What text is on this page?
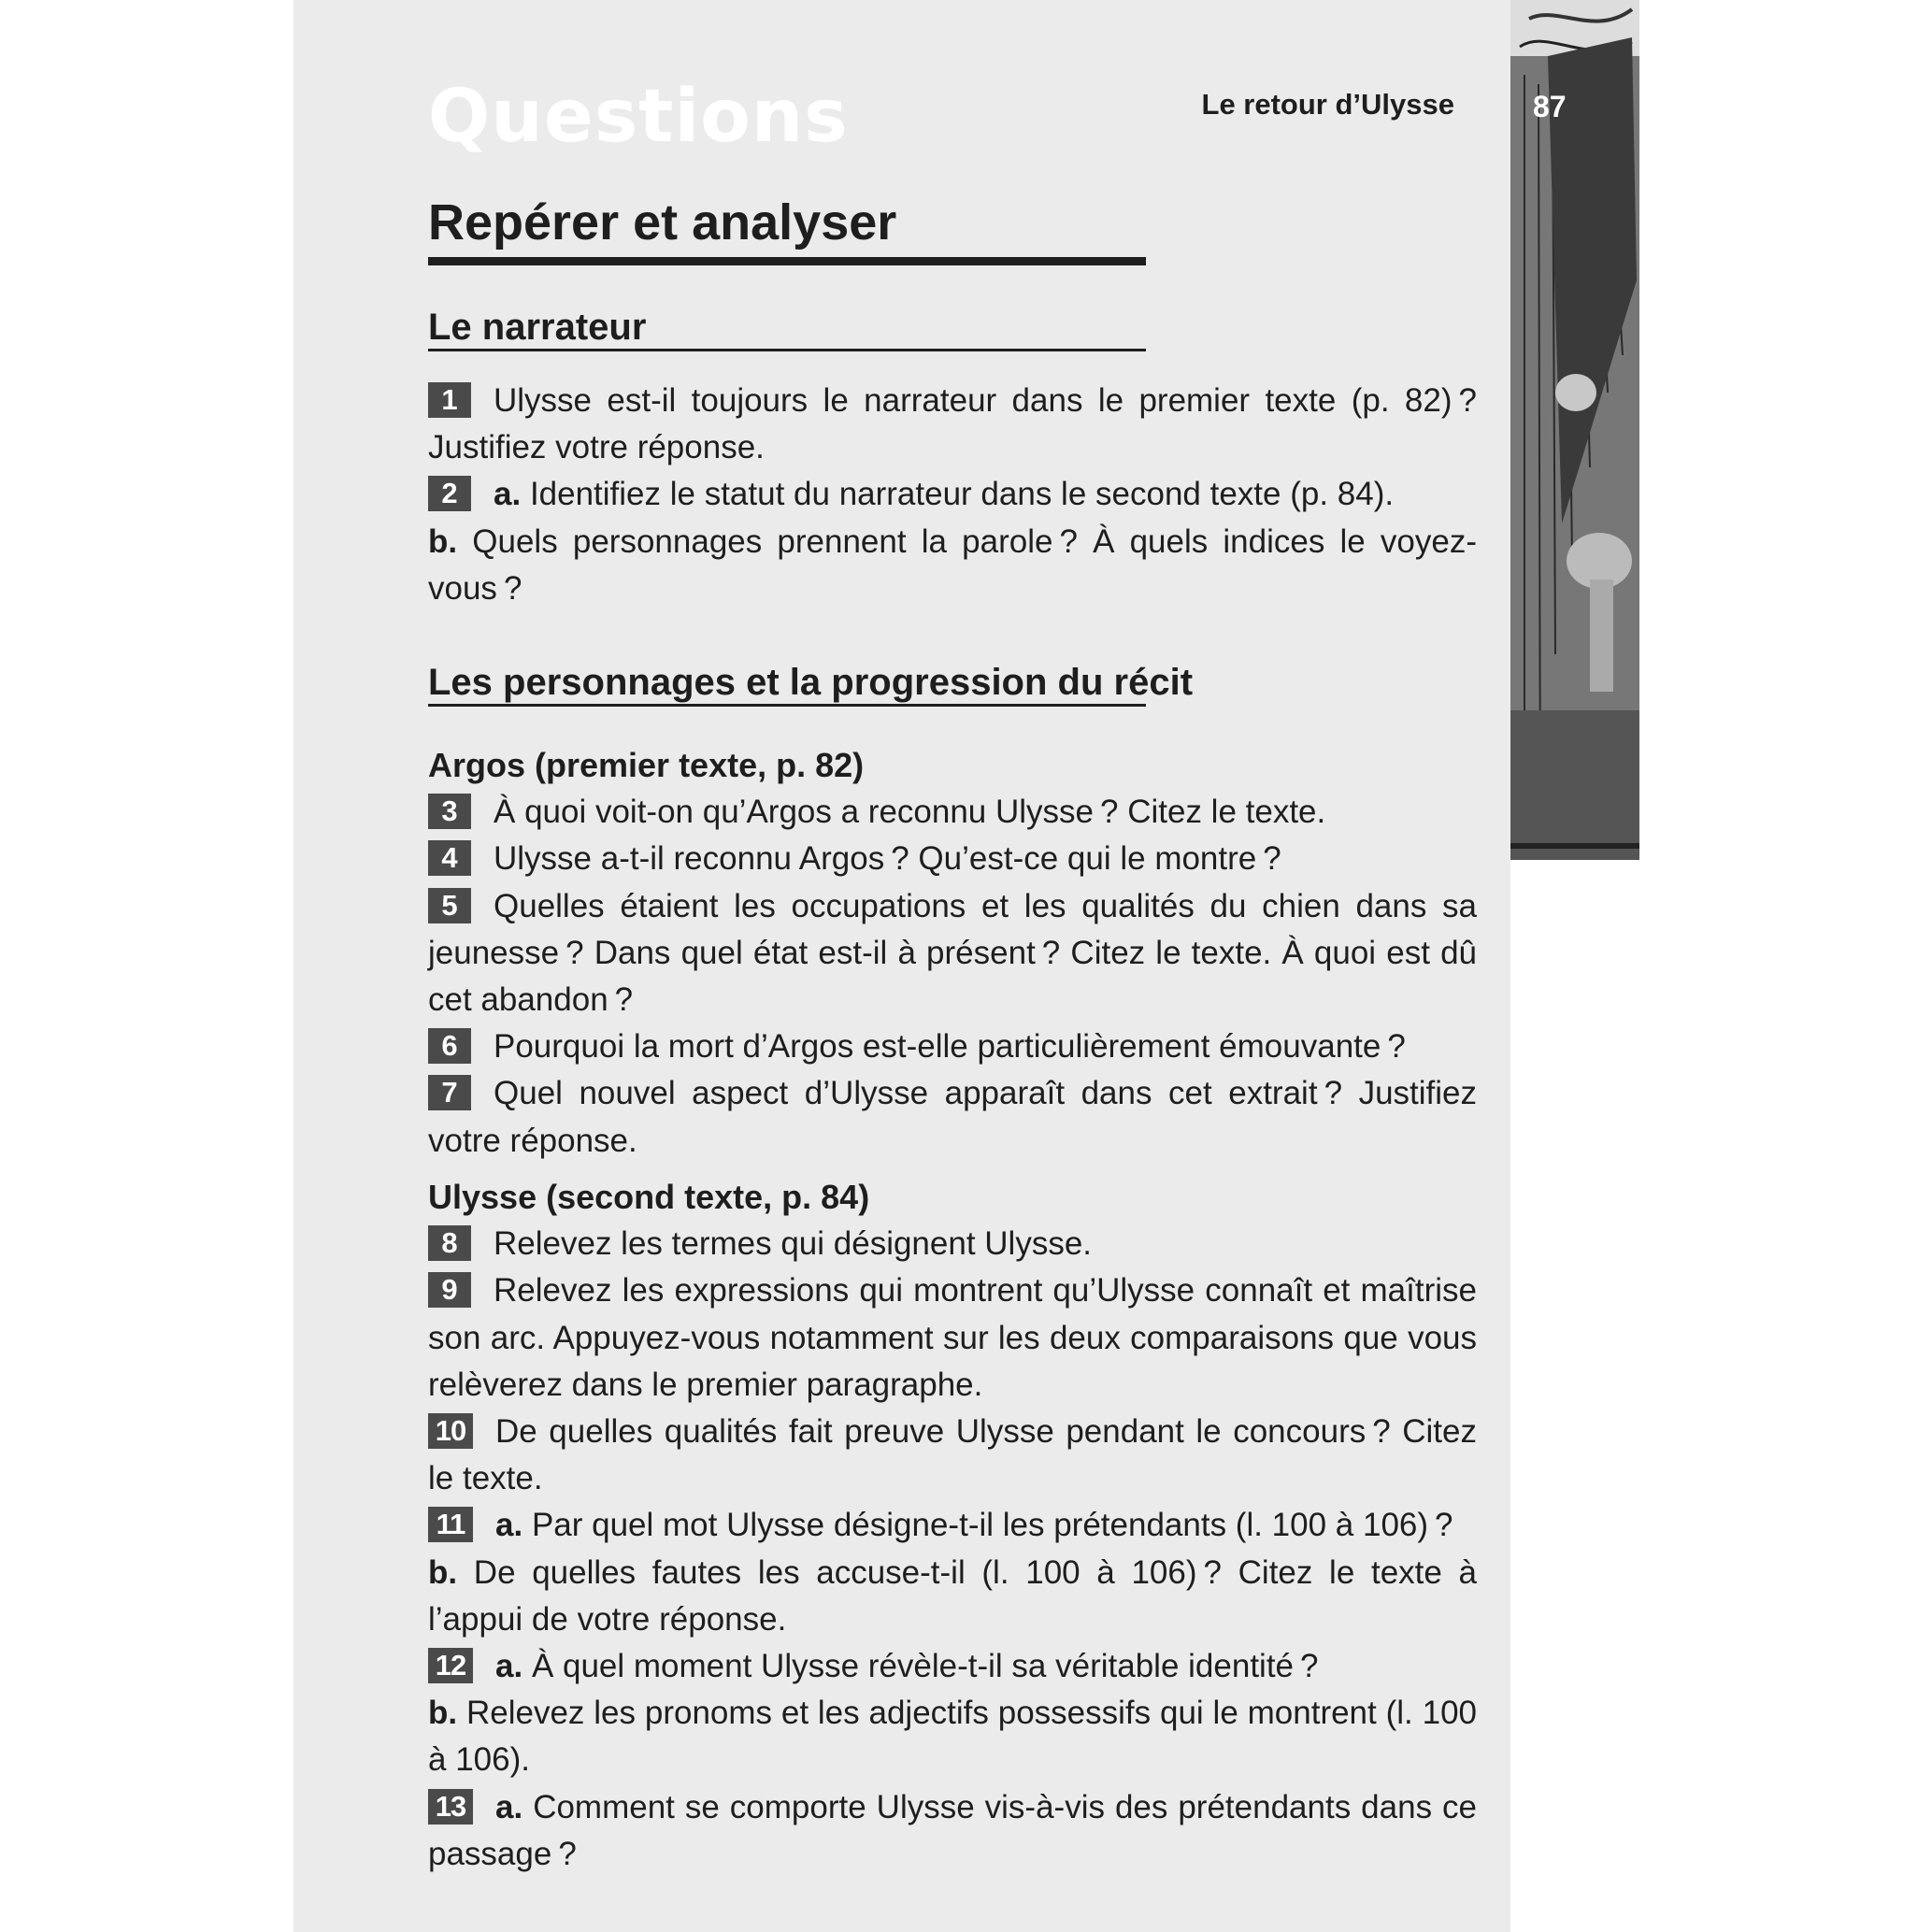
87
Questions	Le retour d’Ulysse
Repérer et analyser
Le narrateur

1 Ulysse est-il toujours le narrateur dans le premier texte (p. 82) ? Justifiez votre réponse.

2 a. Identifiez le statut du narrateur dans le second texte (p. 84).
b. Quels personnages prennent la parole ? À quels indices le voyez-vous ?

Les personnages et la progression du récit

Argos (premier texte, p. 82)

3 À quoi voit-on qu’Argos a reconnu Ulysse ? Citez le texte.

4 Ulysse a-t-il reconnu Argos ? Qu’est-ce qui le montre ?

5 Quelles étaient les occupations et les qualités du chien dans sa jeunesse ? Dans quel état est-il à présent ? Citez le texte. À quoi est dû cet abandon ?

6 Pourquoi la mort d’Argos est-elle particulièrement émouvante ?

7 Quel nouvel aspect d’Ulysse apparaît dans cet extrait ? Justifiez votre réponse.

Ulysse (second texte, p. 84)

8 Relevez les termes qui désignent Ulysse.

9 Relevez les expressions qui montrent qu’Ulysse connaît et maîtrise son arc. Appuyez-vous notamment sur les deux comparaisons que vous relèverez dans le premier paragraphe.

10 De quelles qualités fait preuve Ulysse pendant le concours ? Citez le texte.

11 a. Par quel mot Ulysse désigne-t-il les prétendants (l. 100 à 106) ?
b. De quelles fautes les accuse-t-il (l. 100 à 106) ? Citez le texte à l’appui de votre réponse.

12 a. À quel moment Ulysse révèle-t-il sa véritable identité ?
b. Relevez les pronoms et les adjectifs possessifs qui le montrent (l. 100 à 106).

13 a. Comment se comporte Ulysse vis-à-vis des prétendants dans ce passage ?
